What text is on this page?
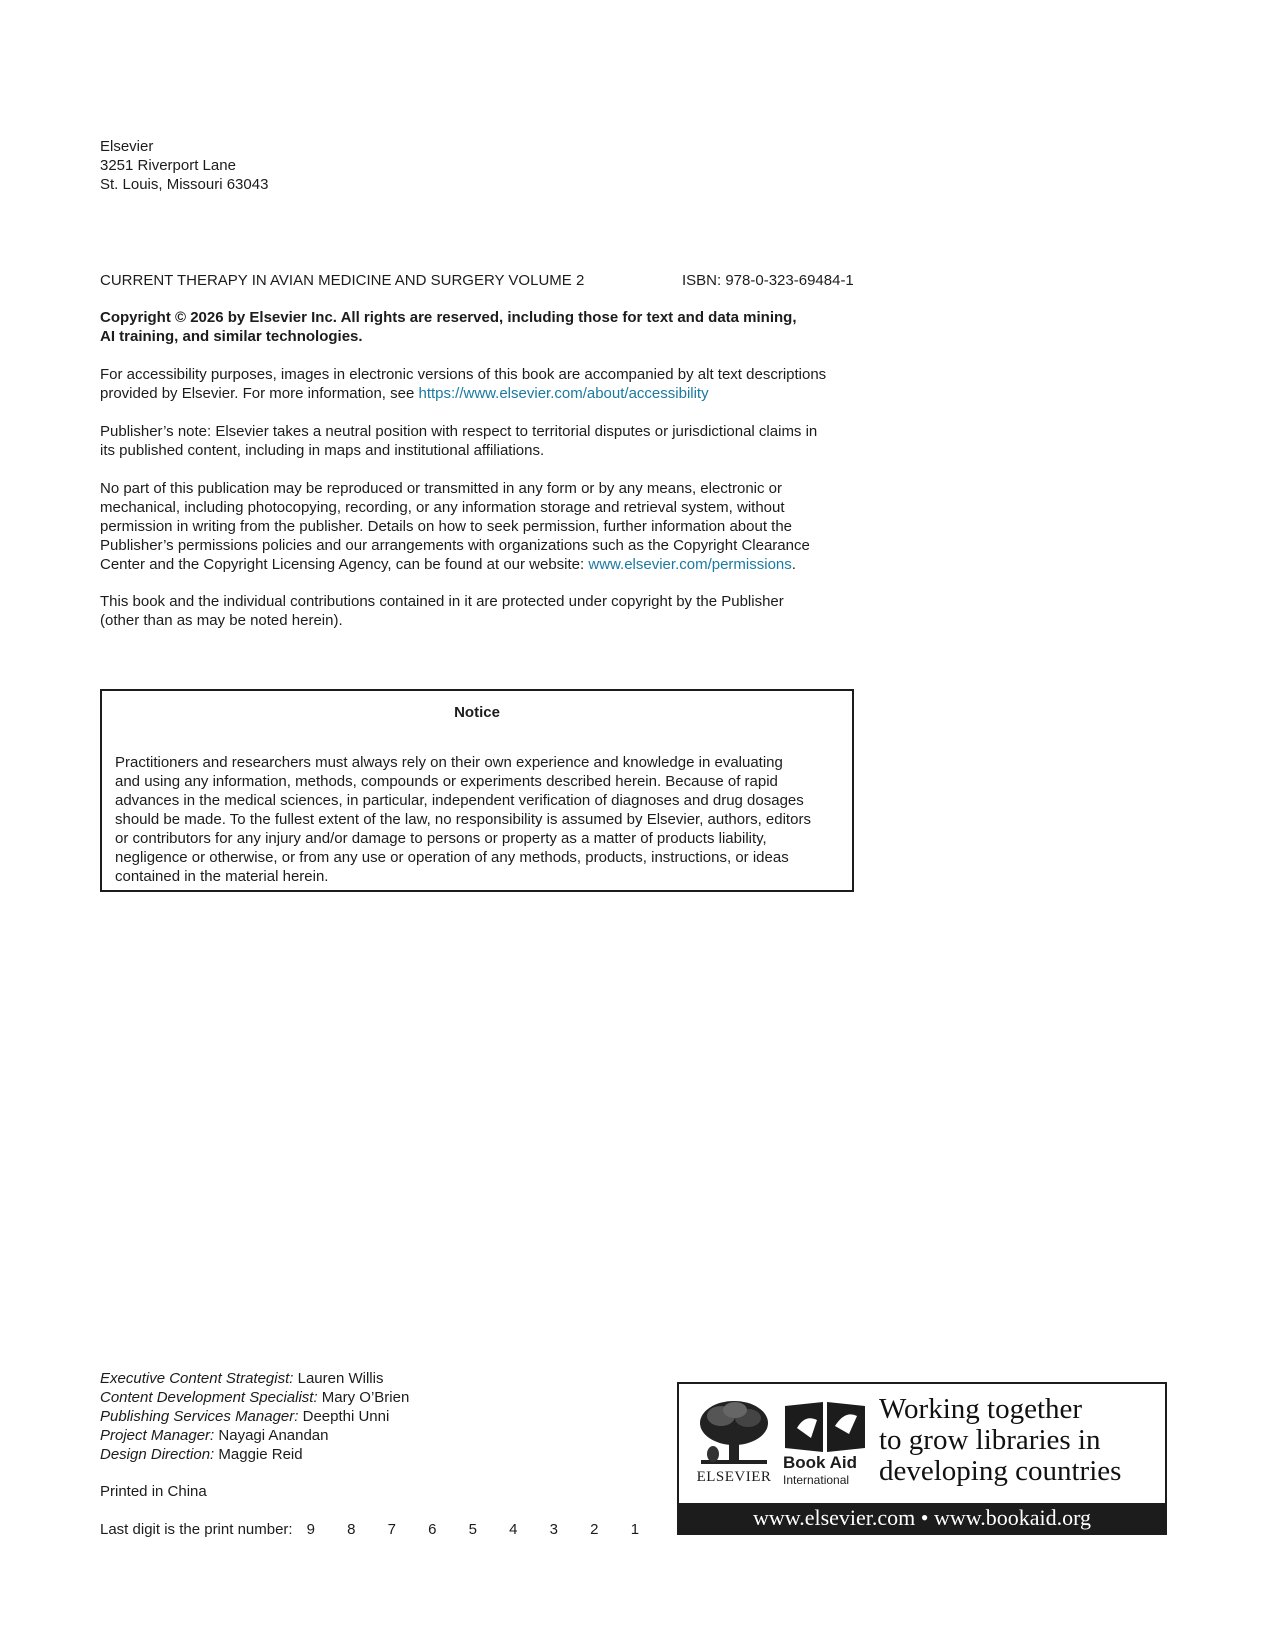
Elsevier
3251 Riverport Lane
St. Louis, Missouri 63043
CURRENT THERAPY IN AVIAN MEDICINE AND SURGERY VOLUME 2	ISBN: 978-0-323-69484-1
Copyright © 2026 by Elsevier Inc. All rights are reserved, including those for text and data mining,
AI training, and similar technologies.
For accessibility purposes, images in electronic versions of this book are accompanied by alt text descriptions
provided by Elsevier. For more information, see https://www.elsevier.com/about/accessibility
Publisher’s note: Elsevier takes a neutral position with respect to territorial disputes or jurisdictional claims in
its published content, including in maps and institutional affiliations.
No part of this publication may be reproduced or transmitted in any form or by any means, electronic or
mechanical, including photocopying, recording, or any information storage and retrieval system, without
permission in writing from the publisher. Details on how to seek permission, further information about the
Publisher’s permissions policies and our arrangements with organizations such as the Copyright Clearance
Center and the Copyright Licensing Agency, can be found at our website: www.elsevier.com/permissions.
This book and the individual contributions contained in it are protected under copyright by the Publisher
(other than as may be noted herein).
Notice
Practitioners and researchers must always rely on their own experience and knowledge in evaluating
and using any information, methods, compounds or experiments described herein. Because of rapid
advances in the medical sciences, in particular, independent verification of diagnoses and drug dosages
should be made. To the fullest extent of the law, no responsibility is assumed by Elsevier, authors, editors
or contributors for any injury and/or damage to persons or property as a matter of products liability,
negligence or otherwise, or from any use or operation of any methods, products, instructions, or ideas
contained in the material herein.
Executive Content Strategist: Lauren Willis
Content Development Specialist: Mary O’Brien
Publishing Services Manager: Deepthi Unni
Project Manager: Nayagi Anandan
Design Direction: Maggie Reid
Printed in China
Last digit is the print number: 9 8 7 6 5 4 3 2 1
ELSEVIER
Book Aid
International
Working together
to grow libraries in
developing countries
www.elsevier.com • www.bookaid.org
